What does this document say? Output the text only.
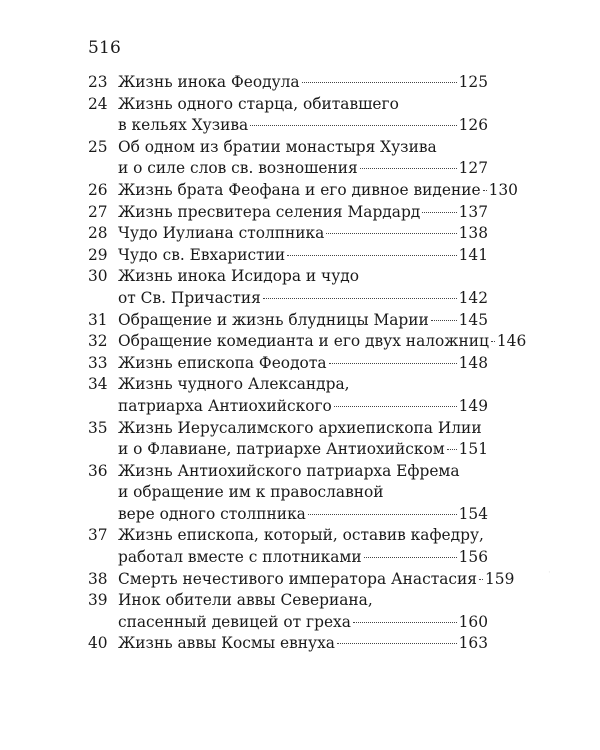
516
23 Жизнь инока Феодула	125
24 Жизнь одного старца, обитавшего
в кельях Хузива	126
25 Об одном из братии монастыря Хузива
и о силе слов св. возношения	127
26 Жизнь брата Феофана и его дивное видение 130
27 Жизнь пресвитера селения Мардард 137
28 Чудо Иулиана столпника	138
29 Чудо св. Евхаристии	141
30 Жизнь инока Исидора и чудо
от Св. Причастия	142
31 Обращение и жизнь блудницы Марии 145
32 Обращение комедианта и его двух наложниц 146
33 Жизнь епископа Феодота	148
34 Жизнь чудного Александра,
патриарха Антиохийского	149
35 Жизнь Иерусалимского архиепископа Илии
и о Флавиане, патриархе Антиохийском 151
36 Жизнь Антиохийского патриарха Ефрема
и обращение им к православной
вере одного столпника	154
37 Жизнь епископа, который, оставив кафедру,
работал вместе с плотниками	156
38 Смерть нечестивого императора Анастасия 159
39 Инок обители аввы Севериана,
спасенный девицей от греха	160
40 Жизнь аввы Космы евнуха	163
·
